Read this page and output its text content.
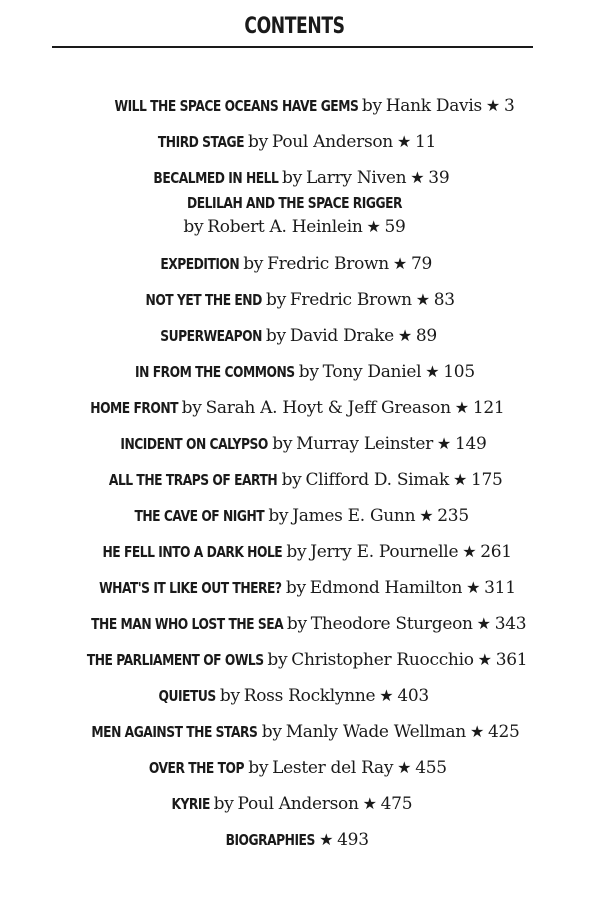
CONTENTS
WILL THE SPACE OCEANS HAVE GEMS by Hank Davis ★ 3
THIRD STAGE by Poul Anderson ★ 11
BECALMED IN HELL by Larry Niven ★ 39
DELILAH AND THE SPACE RIGGER
by Robert A. Heinlein ★ 59
EXPEDITION by Fredric Brown ★ 79
NOT YET THE END by Fredric Brown ★ 83
SUPERWEAPON by David Drake ★ 89
IN FROM THE COMMONS by Tony Daniel ★ 105
HOME FRONT by Sarah A. Hoyt & Jeff Greason ★ 121
INCIDENT ON CALYPSO by Murray Leinster ★ 149
ALL THE TRAPS OF EARTH by Clifford D. Simak ★ 175
THE CAVE OF NIGHT by James E. Gunn ★ 235
HE FELL INTO A DARK HOLE by Jerry E. Pournelle ★ 261
WHAT'S IT LIKE OUT THERE? by Edmond Hamilton ★ 311
THE MAN WHO LOST THE SEA by Theodore Sturgeon ★ 343
THE PARLIAMENT OF OWLS by Christopher Ruocchio ★ 361
QUIETUS by Ross Rocklynne ★ 403
MEN AGAINST THE STARS by Manly Wade Wellman ★ 425
OVER THE TOP by Lester del Ray ★ 455
KYRIE by Poul Anderson ★ 475
BIOGRAPHIES ★ 493
